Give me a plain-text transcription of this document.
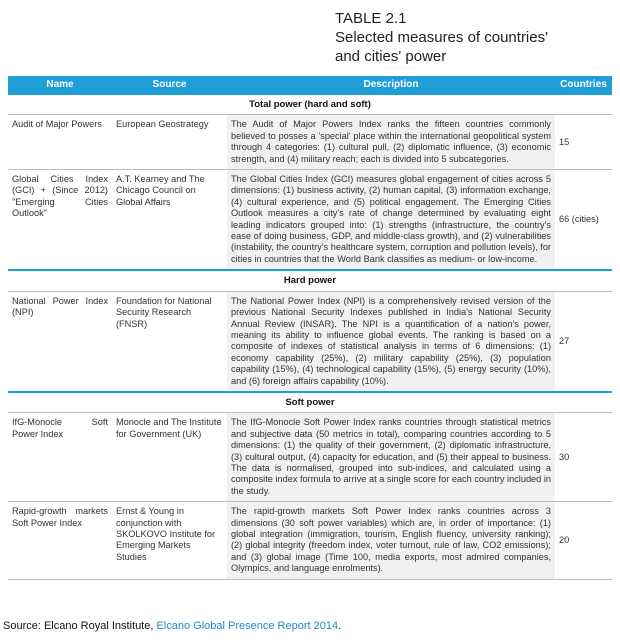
TABLE 2.1
Selected measures of countries'
and cities' power
Name	Source	Description	Countries
Total power (hard and soft)			
Audit of Major Powers	European Geostrategy	The Audit of Major Powers Index ranks the fifteen countries commonly believed to posses a 'special' place within the international geopolitical system through 4 categories: (1) cultural pull, (2) diplomatic influence, (3) economic strength, and (4) military reach; each is divided into 5 subcategories.	15
Global Cities Index (GCI) + (Since 2012) "Emerging Cities Outlook"	A.T. Kearney and The Chicago Council on Global Affairs	The Global Cities Index (GCI) measures global engagement of cities across 5 dimensions: (1) business activity, (2) human capital, (3) information exchange, (4) cultural experience, and (5) political engagement. The Emerging Cities Outlook measures a city's rate of change determined by evaluating eight leading indicators grouped into: (1) strengths (infrastructure, the country's ease of doing business, GDP, and middle-class growth), and (2) vulnerabilities (instability, the country's healthcare system, corruption and pollution levels), for cities in countries that the World Bank classifies as medium- or low-income.	66 (cities)
Hard power			
National Power Index (NPI)	Foundation for National Security Research (FNSR)	The National Power Index (NPI) is a comprehensively revised version of the previous National Security Indexes published in India's National Security Annual Review (INSAR). The NPI is a quantification of a nation's power, meaning its ability to influence global events. The ranking is based on a composite of indexes of statistical analysis in terms of 6 dimensions: (1) economy capability (25%), (2) military capability (25%), (3) population capability (15%), (4) technological capability (15%), (5) energy security (10%), and (6) foreign affairs capability (10%).	27
Soft power			
IfG-Monocle Soft Power Index	Monocle and The Institute for Government (UK)	The IfG-Monocle Soft Power Index ranks countries through statistical metrics and subjective data (50 metrics in total), comparing countries according to 5 dimensions: (1) the quality of their government, (2) diplomatic infrastructure, (3) cultural output, (4) capacity for education, and (5) their appeal to business. The data is normalised, grouped into sub-indices, and calculated using a composite index formula to arrive at a single score for each country included in the study.	30
Rapid-growth markets Soft Power Index	Ernst & Young in conjunction with SKOLKOVO Institute for Emerging Markets Studies	The rapid-growth markets Soft Power Index ranks countries across 3 dimensions (30 soft power variables) which are, in order of importance: (1) global integration (immigration, tourism, English fluency, university ranking); (2) global integrity (freedom index, voter turnout, rule of law, CO2 emissions); and (3) global image (Time 100, media exports, most admired companies, Olympics, and language enrolments).	20
Source: Elcano Royal Institute, Elcano Global Presence Report 2014.
